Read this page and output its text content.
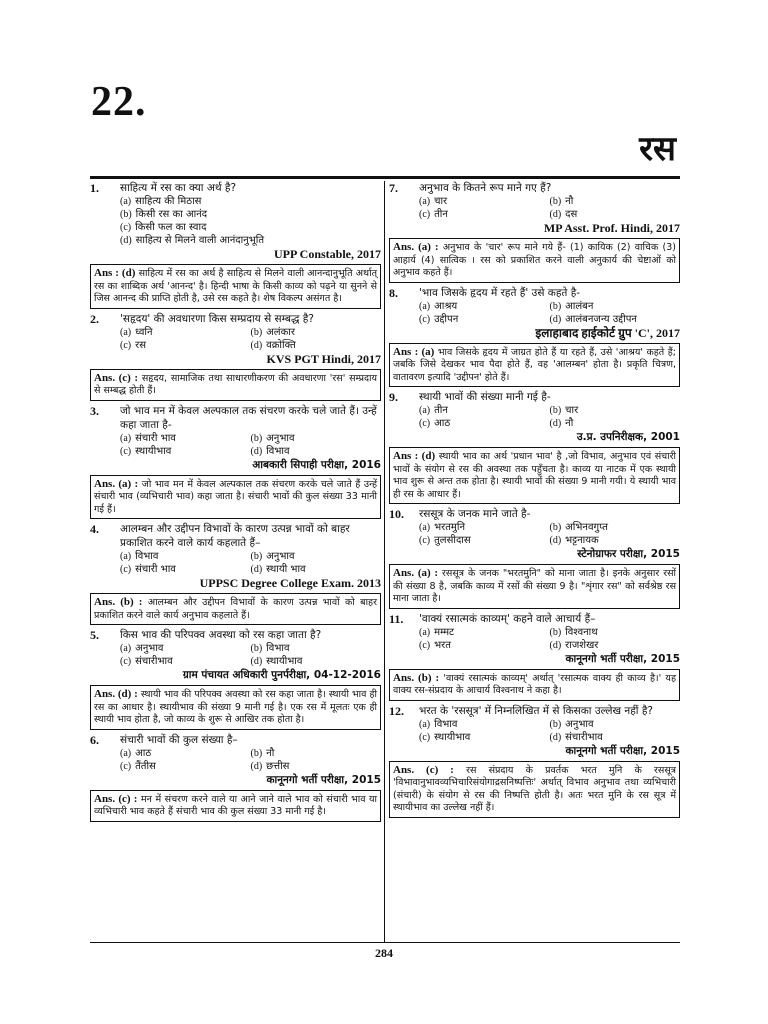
22.
रस
1.	साहित्य में रस का क्या अर्थ है?
(a) साहित्य की मिठास
(b) किसी रस का आनंद
(c) किसी फल का स्वाद
(d) साहित्य से मिलने वाली आनंदानुभूति
UPP Constable, 2017
Ans : (d) साहित्य में रस का अर्थ है साहित्य से मिलने वाली आनन्दानुभूति अर्थात् रस का शाब्दिक अर्थ 'आनन्द' है। हिन्दी भाषा के किसी काव्य को पढ़ने या सुनने से जिस आनन्द की प्राप्ति होती है, उसे रस कहते है। शेष विकल्प असंगत है।
2.	'सहृदय' की अवधारणा किस सम्प्रदाय से सम्बद्ध है?
(a) ध्वनि	(b) अलंकार
(c) रस	(d) वक्रोक्ति
KVS PGT Hindi, 2017
Ans. (c) : सहृदय, सामाजिक तथा साधारणीकरण की अवधारणा 'रस' सम्प्रदाय से सम्बद्ध होती हैं।
3.	जो भाव मन में केवल अल्पकाल तक संचरण करके चले जाते हैं। उन्हें कहा जाता है-
(a) संचारी भाव	(b) अनुभाव
(c) स्थायीभाव	(d) विभाव
आबकारी सिपाही परीक्षा, 2016
Ans. (a) : जो भाव मन में केवल अल्पकाल तक संचरण करके चले जाते हैं उन्हें संचारी भाव (व्यभिचारी भाव) कहा जाता है। संचारी भावों की कुल संख्या 33 मानी गई हैं।
4.	आलम्बन और उद्दीपन विभावों के कारण उत्पन्न भावों को बाहर प्रकाशित करने वाले कार्य कहलाते हैं–
(a) विभाव	(b) अनुभाव
(c) संचारी भाव	(d) स्थायी भाव
UPPSC Degree College Exam. 2013
Ans. (b) : आलम्बन और उद्दीपन विभावों के कारण उत्पन्न भावों को बाहर प्रकाशित करने वाले कार्य अनुभाव कहलाते हैं।
5.	किस भाव की परिपक्व अवस्था को रस कहा जाता है?
(a) अनुभाव	(b) विभाव
(c) संचारीभाव	(d) स्थायीभाव
ग्राम पंचायत अधिकारी पुनर्परीक्षा, 04-12-2016
Ans. (d) : स्थायी भाव की परिपक्व अवस्था को रस कहा जाता है। स्थायी भाव ही रस का आधार है। स्थायीभाव की संख्या 9 मानी गई है। एक रस में मूलतः एक ही स्थायी भाव होता है, जो काव्य के शुरू से आखिर तक होता है।
6.	संचारी भावों की कुल संख्या है–
(a) आठ	(b) नौ
(c) तैंतीस	(d) छत्तीस
कानूनगो भर्ती परीक्षा, 2015
Ans. (c) : मन में संचरण करने वाले या आने जाने वाले भाव को संचारी भाव या व्यभिचारी भाव कहते हैं संचारी भाव की कुल संख्या 33 मानी गई है।
7.	अनुभाव के कितने रूप माने गए हैं?
(a) चार	(b) नौ
(c) तीन	(d) दस
MP Asst. Prof. Hindi, 2017
Ans. (a) : अनुभाव के 'चार' रूप माने गये हैं- (1) कायिक (2) वाचिक (3) आहार्य (4) सात्विक । रस को प्रकाशित करने वाली अनुकार्य की चेष्टाओं को अनुभाव कहते हैं।
8.	'भाव जिसके हृदय में रहते हैं' उसे कहते है-
(a) आश्रय	(b) आलंबन
(c) उद्दीपन	(d) आलंबनजन्य उद्दीपन
इलाहाबाद हाईकोर्ट ग्रुप 'C', 2017
Ans : (a) भाव जिसके हृदय में जाग्रत होते हैं या रहते हैं, उसे 'आश्रय' कहते हैं; जबकि जिसे देखकर भाव पैदा होते हैं, वह 'आलम्बन' होता है। प्रकृति चित्रण, वातावरण इत्यादि 'उद्दीपन' होते हैं।
9.	स्थायी भावों की संख्या मानी गई है-
(a) तीन	(b) चार
(c) आठ	(d) नौ
उ.प्र. उपनिरीक्षक, 2001
Ans : (d) स्थायी भाव का अर्थ 'प्रधान भाव' है ,जो विभाव, अनुभाव एवं संचारी भावों के संयोग से रस की अवस्था तक पहुँचता है। काव्य या नाटक में एक स्थायी भाव शुरू से अन्त तक होता है। स्थायी भावों की संख्या 9 मानी गयी। ये स्थायी भाव ही रस के आधार हैं।
10.	रससूत्र के जनक माने जाते है-
(a) भरतमुनि	(b) अभिनवगुप्त
(c) तुलसीदास	(d) भट्टनायक
स्टेनोग्राफर परीक्षा, 2015
Ans. (a) : रससूत्र के जनक "भरतमुनि" को माना जाता है। इनके अनुसार रसों की संख्या 8 है, जबकि काव्य में रसों की संख्या 9 है। "शृंगार रस" को सर्वश्रेष्ठ रस माना जाता है।
11.	'वाक्यं रसात्मकं काव्यम्' कहने वाले आचार्य हैं–
(a) मम्मट	(b) विश्वनाथ
(c) भरत	(d) राजशेखर
कानूनगो भर्ती परीक्षा, 2015
Ans. (b) : 'वाक्यं रसात्मकं काव्यम्' अर्थात् 'रसात्मक वाक्य ही काव्य है।' यह वाक्य रस-संप्रदाय के आचार्य विश्वनाथ ने कहा है।
12.	भरत के 'रससूत्र' में निम्नलिखित में से किसका उल्लेख नहीं है?
(a) विभाव	(b) अनुभाव
(c) स्थायीभाव	(d) संचारीभाव
कानूनगो भर्ती परीक्षा, 2015
Ans. (c) : रस संप्रदाय के प्रवर्तक भरत मुनि के रससूत्र 'विभावानुभावव्यभिचारिसंयोगाद्रसनिष्पत्तिः' अर्थात् विभाव अनुभाव तथा व्यभिचारी (संचारी) के संयोग से रस की निष्पत्ति होती है। अतः भरत मुनि के रस सूत्र में स्थायीभाव का उल्लेख नहीं हैं।
284
